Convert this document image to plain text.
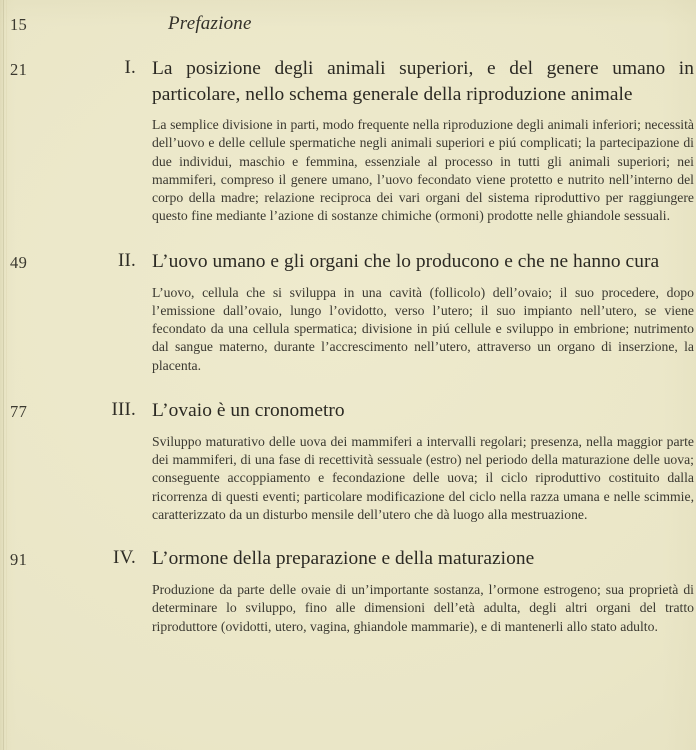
15	Prefazione
21	I. La posizione degli animali superiori, e del genere umano in particolare, nello schema generale della riproduzione animale

La semplice divisione in parti, modo frequente nella riproduzione degli animali inferiori; necessità dell’uovo e delle cellule spermatiche negli animali superiori e piú complicati; la partecipazione di due individui, maschio e femmina, essenziale al processo in tutti gli animali superiori; nei mammiferi, compreso il genere umano, l’uovo fecondato viene protetto e nutrito nell’interno del corpo della madre; relazione reciproca dei vari organi del sistema riproduttivo per raggiungere questo fine mediante l’azione di sostanze chimiche (ormoni) prodotte nelle ghiandole sessuali.

49	II. L’uovo umano e gli organi che lo producono e che ne hanno cura

L’uovo, cellula che si sviluppa in una cavità (follicolo) dell’ovaio; il suo procedere, dopo l’emissione dall’ovaio, lungo l’ovidotto, verso l’utero; il suo impianto nell’utero, se viene fecondato da una cellula spermatica; divisione in piú cellule e sviluppo in embrione; nutrimento dal sangue materno, durante l’accrescimento nell’utero, attraverso un organo di inserzione, la placenta.

77	III. L’ovaio è un cronometro

Sviluppo maturativo delle uova dei mammiferi a intervalli regolari; presenza, nella maggior parte dei mammiferi, di una fase di recettività sessuale (estro) nel periodo della maturazione delle uova; conseguente accoppiamento e fecondazione delle uova; il ciclo riproduttivo costituito dalla ricorrenza di questi eventi; particolare modificazione del ciclo nella razza umana e nelle scimmie, caratterizzato da un disturbo mensile dell’utero che dà luogo alla mestruazione.

91	IV. L’ormone della preparazione e della maturazione

Produzione da parte delle ovaie di un’importante sostanza, l’ormone estrogeno; sua proprietà di determinare lo sviluppo, fino alle dimensioni dell’età adulta, degli altri organi del tratto riproduttore (ovidotti, utero, vagina, ghiandole mammarie), e di mantenerli allo stato adulto.
